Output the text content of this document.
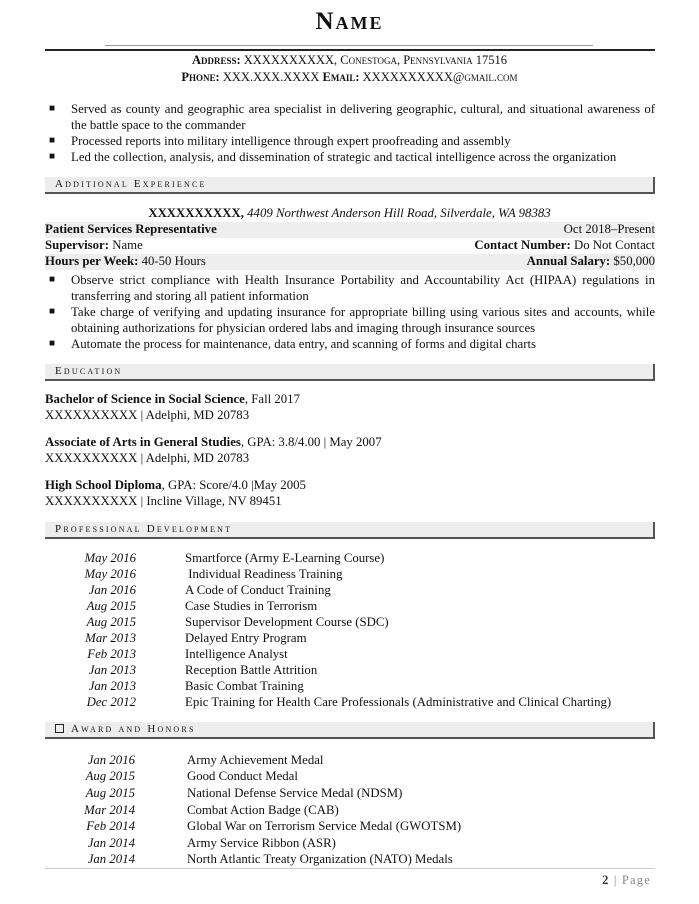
Name
Address: XXXXXXXXXX, Conestoga, Pennsylvania 17516
Phone: XXX.XXX.XXXX Email: XXXXXXXXXX@gmail.com
■ Served as county and geographic area specialist in delivering geographic, cultural, and situational awareness of the battle space to the commander
■ Processed reports into military intelligence through expert proofreading and assembly
■ Led the collection, analysis, and dissemination of strategic and tactical intelligence across the organization
Additional Experience
XXXXXXXXXX, 4409 Northwest Anderson Hill Road, Silverdale, WA 98383
Patient Services Representative	Oct 2018–Present
Supervisor: Name	Contact Number: Do Not Contact
Hours per Week: 40-50 Hours	Annual Salary: $50,000
■ Observe strict compliance with Health Insurance Portability and Accountability Act (HIPAA) regulations in transferring and storing all patient information
■ Take charge of verifying and updating insurance for appropriate billing using various sites and accounts, while obtaining authorizations for physician ordered labs and imaging through insurance sources
■ Automate the process for maintenance, data entry, and scanning of forms and digital charts
Education
Bachelor of Science in Social Science, Fall 2017
XXXXXXXXXX | Adelphi, MD 20783
Associate of Arts in General Studies, GPA: 3.8/4.00 | May 2007
XXXXXXXXXX | Adelphi, MD 20783
High School Diploma, GPA: Score/4.0 |May 2005
XXXXXXXXXX | Incline Village, NV 89451
Professional Development
May 2016	Smartforce (Army E-Learning Course)
May 2016	Individual Readiness Training
Jan 2016	A Code of Conduct Training
Aug 2015	Case Studies in Terrorism
Aug 2015	Supervisor Development Course (SDC)
Mar 2013	Delayed Entry Program
Feb 2013	Intelligence Analyst
Jan 2013	Reception Battle Attrition
Jan 2013	Basic Combat Training
Dec 2012	Epic Training for Health Care Professionals (Administrative and Clinical Charting)
Award and Honors
Jan 2016	Army Achievement Medal
Aug 2015	Good Conduct Medal
Aug 2015	National Defense Service Medal (NDSM)
Mar 2014	Combat Action Badge (CAB)
Feb 2014	Global War on Terrorism Service Medal (GWOTSM)
Jan 2014	Army Service Ribbon (ASR)
Jan 2014	North Atlantic Treaty Organization (NATO) Medals
2 | Page
